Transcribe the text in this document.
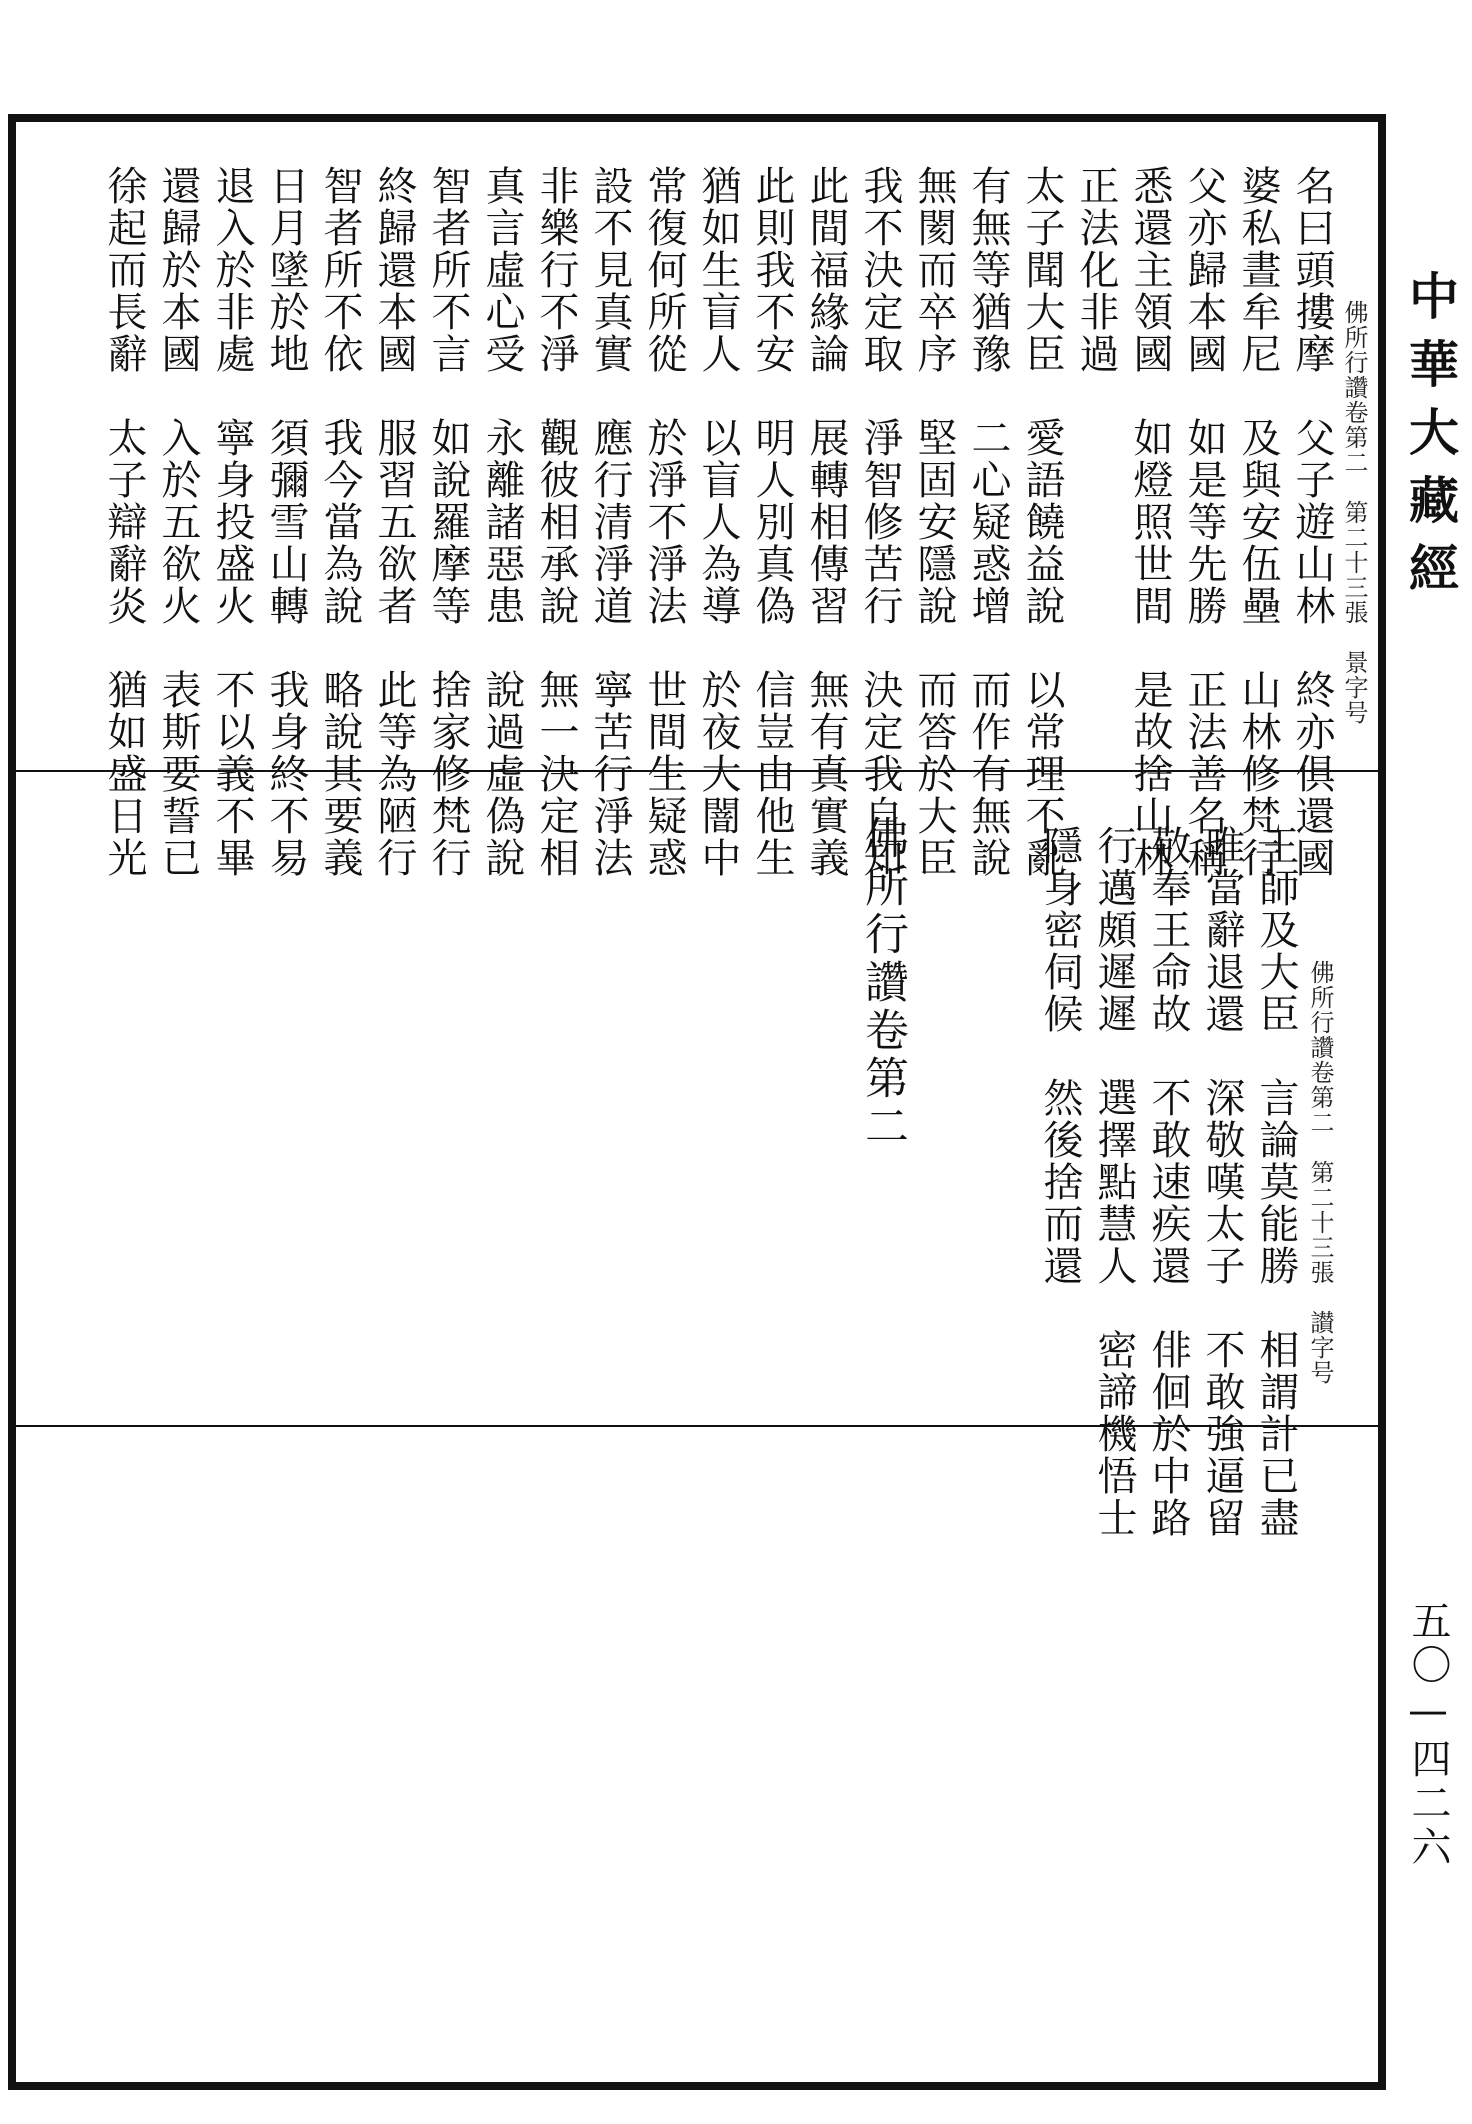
中華大藏經
五〇—四二六
佛所行讚卷第二　第二十三張　景字号
名曰頭摟摩　父子遊山林　終亦俱還國
婆私晝牟尼　及與安伍壘　山林修梵行
父亦歸本國　如是等先勝　正法善名稱
悉還主領國　如燈照世間　是故捨山林
正法化非過
太子聞大臣　愛語饒益說　以常理不亂
有無等猶豫　二心疑惑增　而作有無說
無閡而卒序　堅固安隱說　而答於大臣
我不決定取　淨智修苦行　決定我自知
此間福緣論　展轉相傳習　無有真實義
此則我不安　明人別真偽　信豈由他生
猶如生盲人　以盲人為導　於夜大闇中
常復何所從　於淨不淨法　世間生疑惑
設不見真實　應行清淨道　寧苦行淨法
非樂行不淨　觀彼相承說　無一決定相
真言虛心受　永離諸惡患　說過虛偽說
智者所不言　如說羅摩等　捨家修梵行
終歸還本國　服習五欲者　此等為陋行
智者所不依　我今當為說　略說其要義
日月墜於地　須彌雪山轉　我身終不易
退入於非處　寧身投盛火　不以義不畢
還歸於本國　入於五欲火　表斯要誓已
徐起而長辭　太子辯辭炎　猶如盛日光
佛所行讚卷第二　第二十三張　讃字号
王師及大臣　言論莫能勝　相謂計已盡
唯當辭退還　深敬嘆太子　不敢強逼留
敬奉王命故　不敢速疾還　俳佪於中路
行邁頗遲遲　選擇點慧人　密諦機悟士
隱身密伺候　然後捨而還
佛所行讚卷第二
